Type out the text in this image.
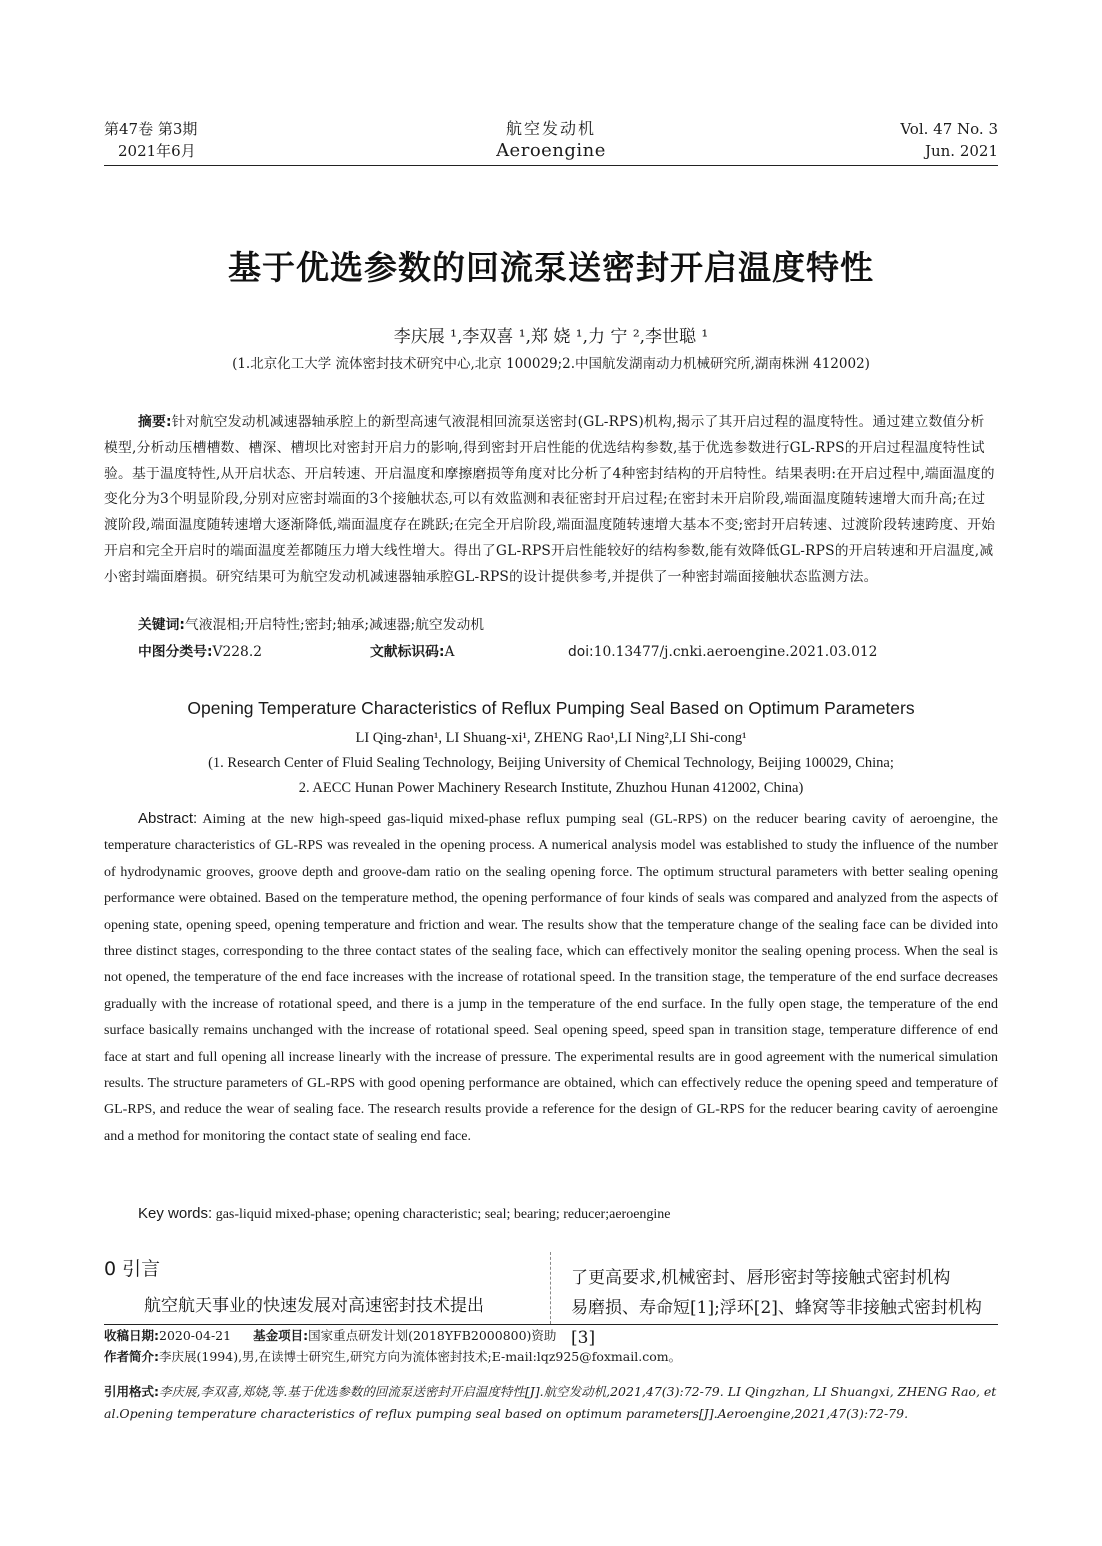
第47卷 第3期
2021年6月
航空发动机
Aeroengine
Vol. 47 No. 3
Jun. 2021
基于优选参数的回流泵送密封开启温度特性
李庆展 ¹,李双喜 ¹,郑 娆 ¹,力 宁 ²,李世聪 ¹
(1.北京化工大学 流体密封技术研究中心,北京 100029;2.中国航发湖南动力机械研究所,湖南株洲 412002)
摘要:针对航空发动机减速器轴承腔上的新型高速气液混相回流泵送密封(GL-RPS)机构,揭示了其开启过程的温度特性。通过建立数值分析模型,分析动压槽槽数、槽深、槽坝比对密封开启力的影响,得到密封开启性能的优选结构参数,基于优选参数进行GL-RPS的开启过程温度特性试验。基于温度特性,从开启状态、开启转速、开启温度和摩擦磨损等角度对比分析了4种密封结构的开启特性。结果表明:在开启过程中,端面温度的变化分为3个明显阶段,分别对应密封端面的3个接触状态,可以有效监测和表征密封开启过程;在密封未开启阶段,端面温度随转速增大而升高;在过渡阶段,端面温度随转速增大逐渐降低,端面温度存在跳跃;在完全开启阶段,端面温度随转速增大基本不变;密封开启转速、过渡阶段转速跨度、开始开启和完全开启时的端面温度差都随压力增大线性增大。得出了GL-RPS开启性能较好的结构参数,能有效降低GL-RPS的开启转速和开启温度,减小密封端面磨损。研究结果可为航空发动机减速器轴承腔GL-RPS的设计提供参考,并提供了一种密封端面接触状态监测方法。
关键词:气液混相;开启特性;密封;轴承;减速器;航空发动机
中图分类号:V228.2	文献标识码:A	doi:10.13477/j.cnki.aeroengine.2021.03.012
Opening Temperature Characteristics of Reflux Pumping Seal Based on Optimum Parameters
LI Qing-zhan¹, LI Shuang-xi¹, ZHENG Rao¹,LI Ning²,LI Shi-cong¹
(1. Research Center of Fluid Sealing Technology, Beijing University of Chemical Technology, Beijing 100029, China;
2. AECC Hunan Power Machinery Research Institute, Zhuzhou Hunan 412002, China)
Abstract: Aiming at the new high-speed gas-liquid mixed-phase reflux pumping seal (GL-RPS) on the reducer bearing cavity of aeroengine, the temperature characteristics of GL-RPS was revealed in the opening process. A numerical analysis model was established to study the influence of the number of hydrodynamic grooves, groove depth and groove-dam ratio on the sealing opening force. The optimum structural parameters with better sealing opening performance were obtained. Based on the temperature method, the opening performance of four kinds of seals was compared and analyzed from the aspects of opening state, opening speed, opening temperature and friction and wear. The results show that the temperature change of the sealing face can be divided into three distinct stages, corresponding to the three contact states of the sealing face, which can effectively monitor the sealing opening process. When the seal is not opened, the temperature of the end face increases with the increase of rotational speed. In the transition stage, the temperature of the end surface decreases gradually with the increase of rotational speed, and there is a jump in the temperature of the end surface. In the fully open stage, the temperature of the end surface basically remains unchanged with the increase of rotational speed. Seal opening speed, speed span in transition stage, temperature difference of end face at start and full opening all increase linearly with the increase of pressure. The experimental results are in good agreement with the numerical simulation results. The structure parameters of GL-RPS with good opening performance are obtained, which can effectively reduce the opening speed and temperature of GL-RPS, and reduce the wear of sealing face. The research results provide a reference for the design of GL-RPS for the reducer bearing cavity of aeroengine and a method for monitoring the contact state of sealing end face.
Key words: gas-liquid mixed-phase; opening characteristic; seal; bearing; reducer;aeroengine
0 引言
航空航天事业的快速发展对高速密封技术提出
了更高要求,机械密封、唇形密封等接触式密封机构
易磨损、寿命短[1];浮环[2]、蜂窝等非接触式密封机构[3]
收稿日期:2020-04-21 基金项目:国家重点研发计划(2018YFB2000800)资助
作者简介:李庆展(1994),男,在读博士研究生,研究方向为流体密封技术;E-mail:lqz925@foxmail.com。
引用格式:李庆展,李双喜,郑娆,等.基于优选参数的回流泵送密封开启温度特性[J].航空发动机,2021,47(3):72-79. LI Qingzhan, LI Shuangxi, ZHENG Rao, et al.Opening temperature characteristics of reflux pumping seal based on optimum parameters[J].Aeroengine,2021,47(3):72-79.
